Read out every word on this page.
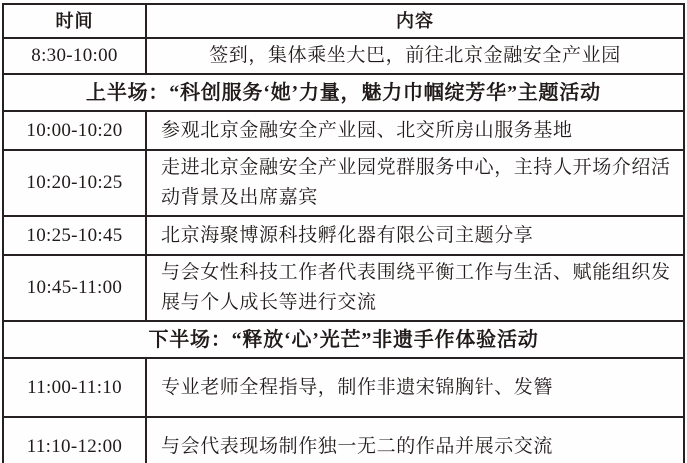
时间	内容
8:30-10:00	签到，集体乘坐大巴，前往北京金融安全产业园
上半场：“科创服务‘她’力量，魅力巾帼绽芳华”主题活动	
10:00-10:20	参观北京金融安全产业园、北交所房山服务基地
10:20-10:25	走进北京金融安全产业园党群服务中心，主持人开场介绍活动背景及出席嘉宾
10:25-10:45	北京海聚博源科技孵化器有限公司主题分享
10:45-11:00	与会女性科技工作者代表围绕平衡工作与生活、赋能组织发展与个人成长等进行交流
下半场：“释放‘心’光芒”非遗手作体验活动	
11:00-11:10	专业老师全程指导，制作非遗宋锦胸针、发簪
11:10-12:00	与会代表现场制作独一无二的作品并展示交流
